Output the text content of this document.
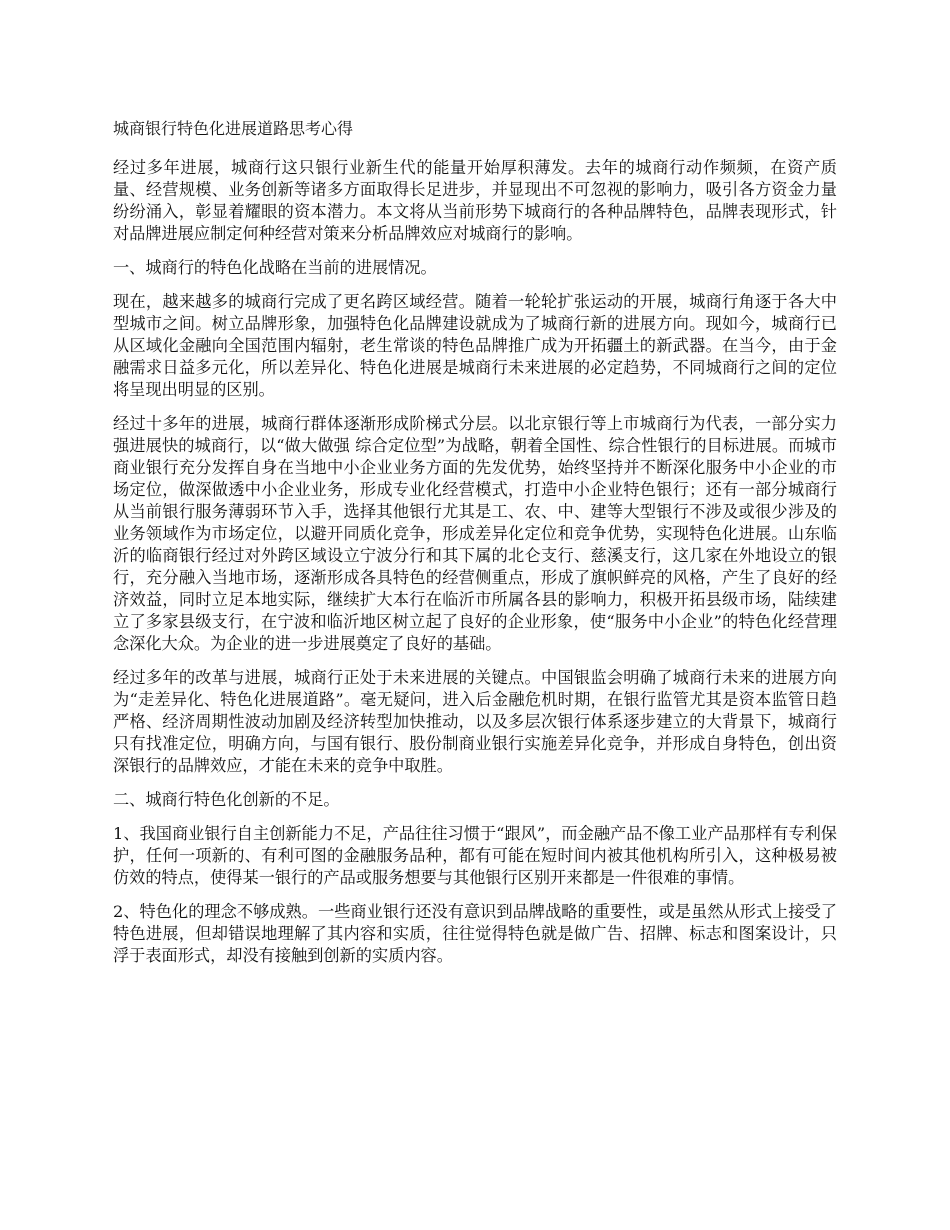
城商银行特色化进展道路思考心得

经过多年进展，城商行这只银行业新生代的能量开始厚积薄发。去年的城商行动作频频，在资产质量、经营规模、业务创新等诸多方面取得长足进步，并显现出不可忽视的影响力，吸引各方资金力量纷纷涌入，彰显着耀眼的资本潜力。本文将从当前形势下城商行的各种品牌特色，品牌表现形式，针对品牌进展应制定何种经营对策来分析品牌效应对城商行的影响。

一、城商行的特色化战略在当前的进展情况。

现在，越来越多的城商行完成了更名跨区域经营。随着一轮轮扩张运动的开展，城商行角逐于各大中型城市之间。树立品牌形象，加强特色化品牌建设就成为了城商行新的进展方向。现如今，城商行已从区域化金融向全国范围内辐射，老生常谈的特色品牌推广成为开拓疆土的新武器。在当今，由于金融需求日益多元化，所以差异化、特色化进展是城商行未来进展的必定趋势，不同城商行之间的定位将呈现出明显的区别。

经过十多年的进展，城商行群体逐渐形成阶梯式分层。以北京银行等上市城商行为代表，一部分实力强进展快的城商行，以“做大做强 综合定位型”为战略，朝着全国性、综合性银行的目标进展。而城市商业银行充分发挥自身在当地中小企业业务方面的先发优势，始终坚持并不断深化服务中小企业的市场定位，做深做透中小企业业务，形成专业化经营模式，打造中小企业特色银行；还有一部分城商行从当前银行服务薄弱环节入手，选择其他银行尤其是工、农、中、建等大型银行不涉及或很少涉及的业务领域作为市场定位，以避开同质化竞争，形成差异化定位和竞争优势，实现特色化进展。山东临沂的临商银行经过对外跨区域设立宁波分行和其下属的北仑支行、慈溪支行，这几家在外地设立的银行，充分融入当地市场，逐渐形成各具特色的经营侧重点，形成了旗帜鲜亮的风格，产生了良好的经济效益，同时立足本地实际，继续扩大本行在临沂市所属各县的影响力，积极开拓县级市场，陆续建立了多家县级支行，在宁波和临沂地区树立起了良好的企业形象，使“服务中小企业”的特色化经营理念深化大众。为企业的进一步进展奠定了良好的基础。

经过多年的改革与进展，城商行正处于未来进展的关键点。中国银监会明确了城商行未来的进展方向为“走差异化、特色化进展道路”。毫无疑问，进入后金融危机时期，在银行监管尤其是资本监管日趋严格、经济周期性波动加剧及经济转型加快推动，以及多层次银行体系逐步建立的大背景下，城商行只有找准定位，明确方向，与国有银行、股份制商业银行实施差异化竞争，并形成自身特色，创出资深银行的品牌效应，才能在未来的竞争中取胜。

二、城商行特色化创新的不足。

1、我国商业银行自主创新能力不足，产品往往习惯于“跟风”，而金融产品不像工业产品那样有专利保护，任何一项新的、有利可图的金融服务品种，都有可能在短时间内被其他机构所引入，这种极易被仿效的特点，使得某一银行的产品或服务想要与其他银行区别开来都是一件很难的事情。

2、特色化的理念不够成熟。一些商业银行还没有意识到品牌战略的重要性，或是虽然从形式上接受了特色进展，但却错误地理解了其内容和实质，往往觉得特色就是做广告、招牌、标志和图案设计，只浮于表面形式，却没有接触到创新的实质内容。
